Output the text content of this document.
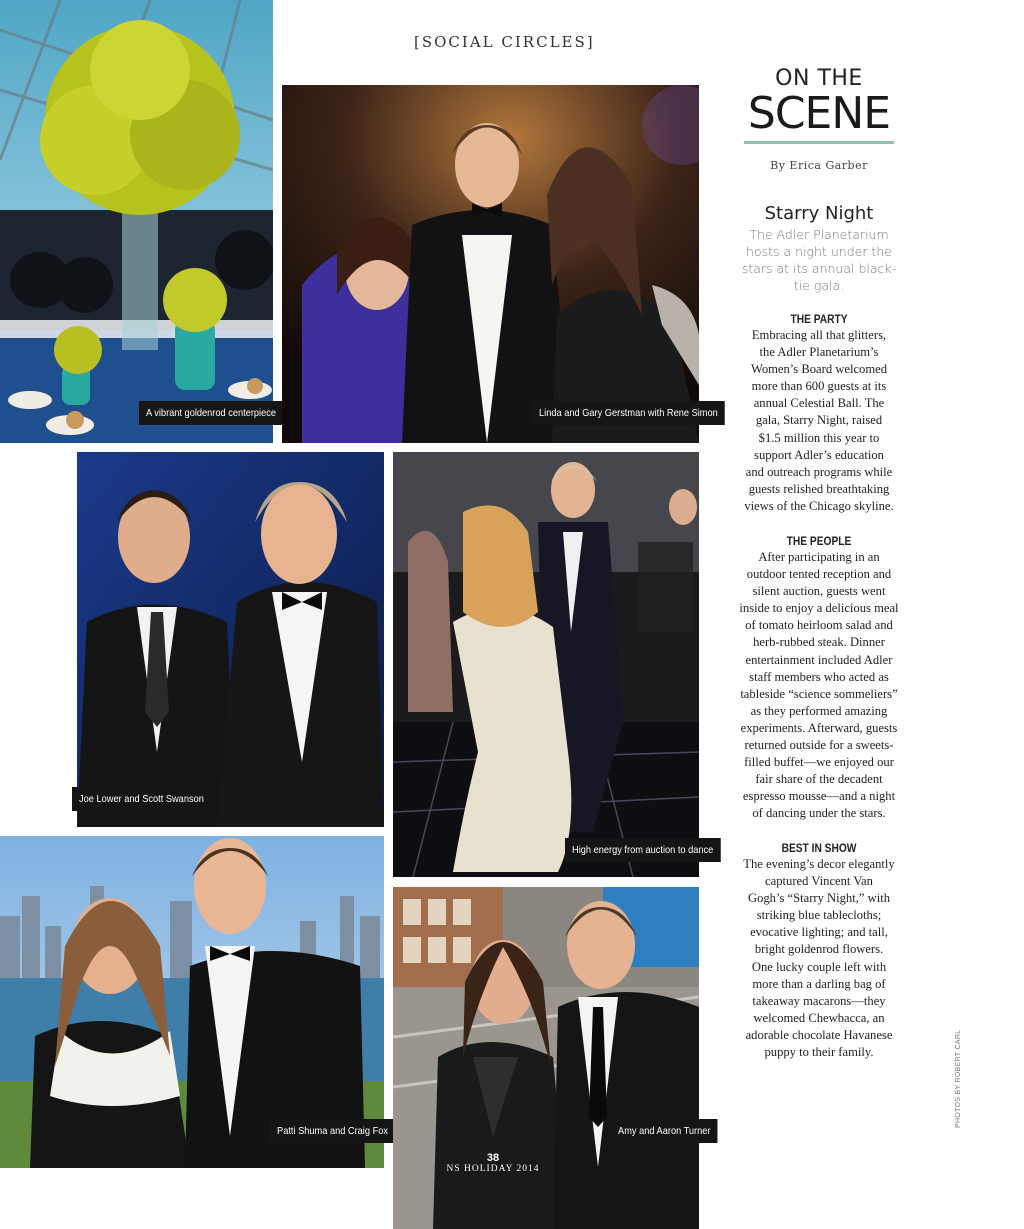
[SOCIAL CIRCLES]
A vibrant goldenrod centerpiece	Linda and Gary Gerstman with Rene Simon
Joe Lower and Scott Swanson
High energy from auction to dance
Patti Shuma and Craig Fox	Amy and Aaron Turner
38
NS HOLIDAY 2014
ON THE
SCENE
By Erica Garber
Starry Night
The Adler Planetarium hosts a night under the stars at its annual black-tie gala.
THE PARTY
Embracing all that glitters,
the Adler Planetarium’s
Women’s Board welcomed
more than 600 guests at its
annual Celestial Ball. The
gala, Starry Night, raised
$1.5 million this year to
support Adler’s education
and outreach programs while
guests relished breathtaking
views of the Chicago skyline.
THE PEOPLE
After participating in an
outdoor tented reception and
silent auction, guests went
inside to enjoy a delicious meal
of tomato heirloom salad and
herb-rubbed steak. Dinner
entertainment included Adler
staff members who acted as
tableside “science sommeliers”
as they performed amazing
experiments. Afterward, guests
returned outside for a sweets-
filled buffet—we enjoyed our
fair share of the decadent
espresso mousse—and a night
of dancing under the stars.
BEST IN SHOW
The evening’s decor elegantly
captured Vincent Van
Gogh’s “Starry Night,” with
striking blue tablecloths;
evocative lighting; and tall,
bright goldenrod flowers.
One lucky couple left with
more than a darling bag of
takeaway macarons—they
welcomed Chewbacca, an
adorable chocolate Havanese
puppy to their family.	PHOTOS BY ROBERT CARL
